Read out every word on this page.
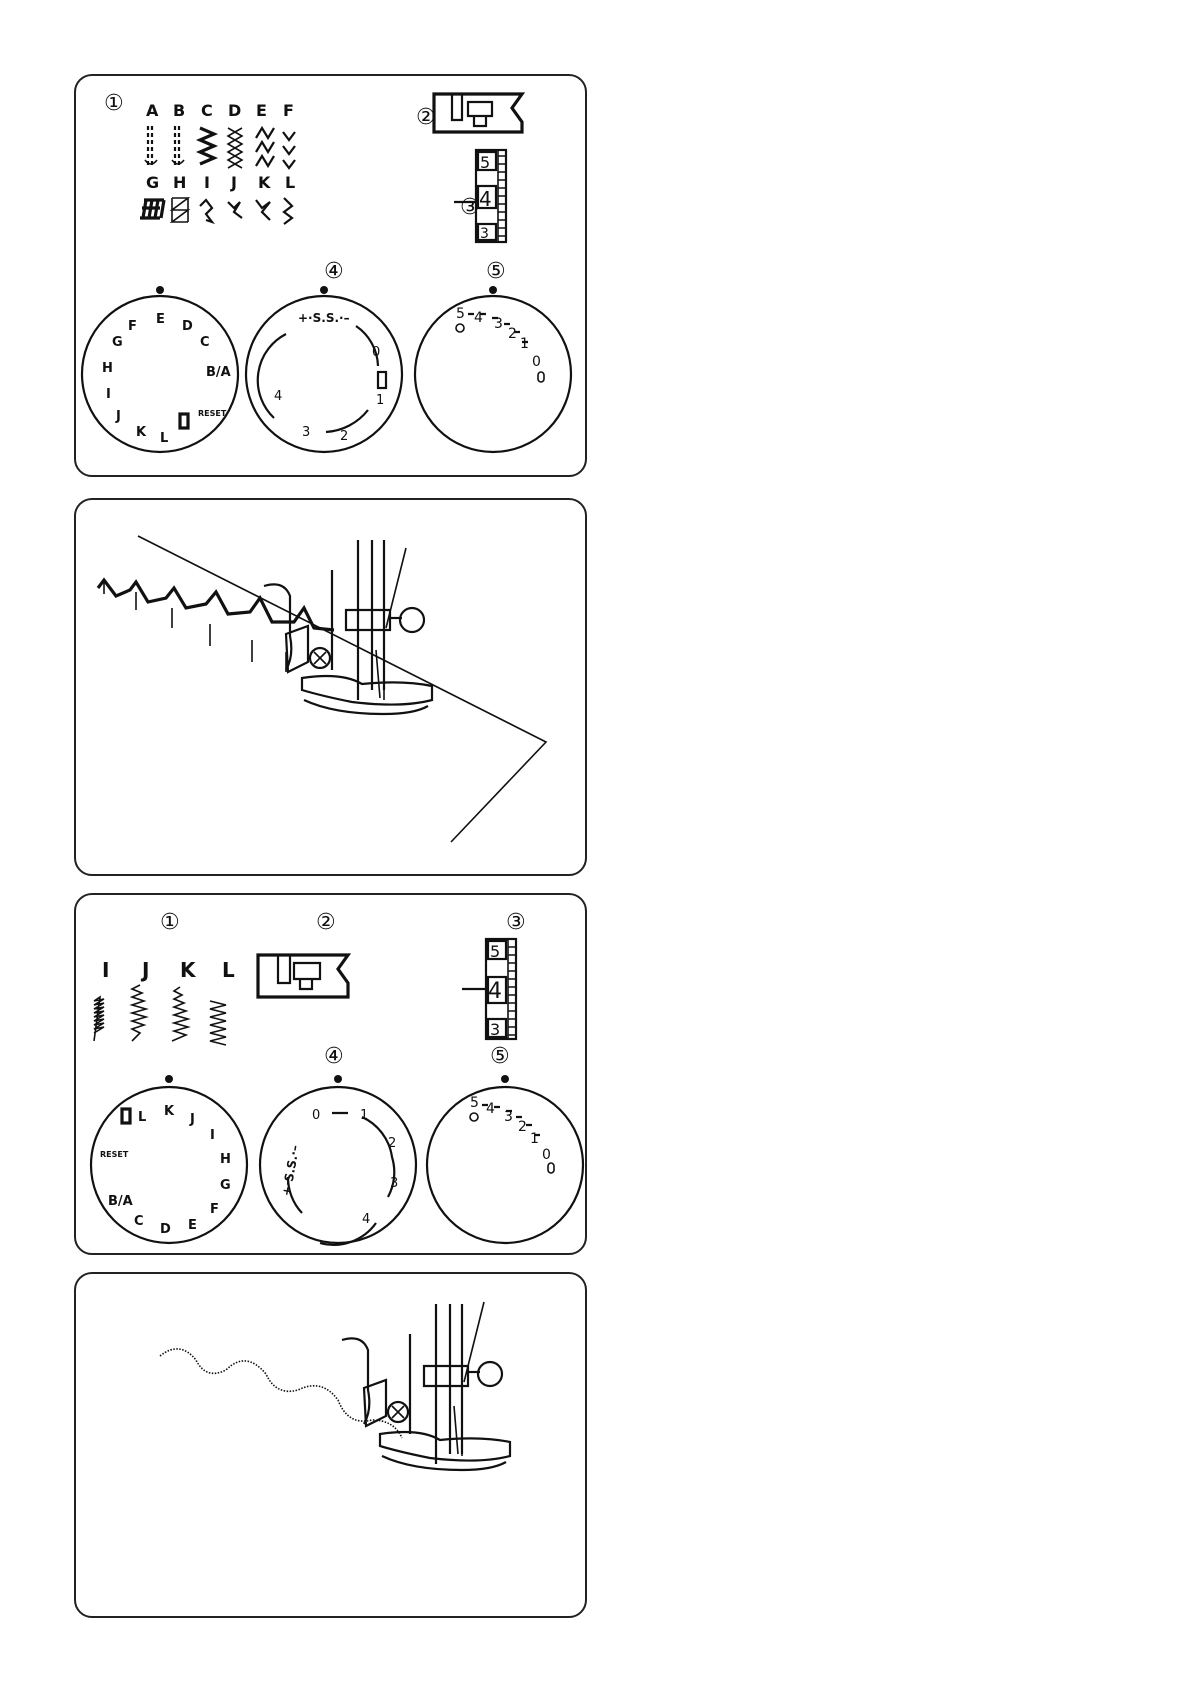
①
②
③
④	⑤
A B C D E F
G H I J K L
5
4
3
E D
C
B/A
F
G
H
I
J
K L
RESET
+·S.S.·–
0
1
2
3
4
5 4 3
2
1
0
①	②	③
④	⑤
I J K L
5
4
3
L K
J
I
H
G
F
E
D
C
B/A
RESET	+·S.S.·–
0	1
2
3
4
5 4 3
2
1
0
